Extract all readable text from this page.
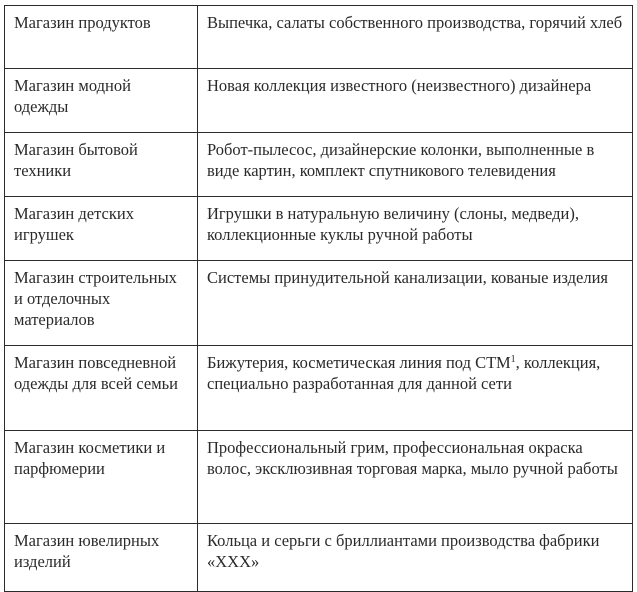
Магазин продуктов	Выпечка, салаты собственного производства, горячий хлеб
Магазин модной одежды	Новая коллекция известного (неизвестного) дизайнера
Магазин бытовой техники	Робот-пылесос, дизайнерские колонки, выполненные в виде картин, комплект спутникового телевидения
Магазин детских игрушек	Игрушки в натуральную величину (слоны, медведи), коллекционные куклы ручной работы
Магазин строительных и отделочных материалов	Системы принудительной канализации, кованые изделия
Магазин повседневной одежды для всей семьи	Бижутерия, косметическая линия под СТМ$^1$, коллекция, специально разработанная для данной сети
Магазин косметики и парфюмерии	Профессиональный грим, профессиональная окраска волос, эксклюзивная торговая марка, мыло ручной работы
Магазин ювелирных изделий	Кольца и серьги с бриллиантами производства фабрики «ХХХ»
